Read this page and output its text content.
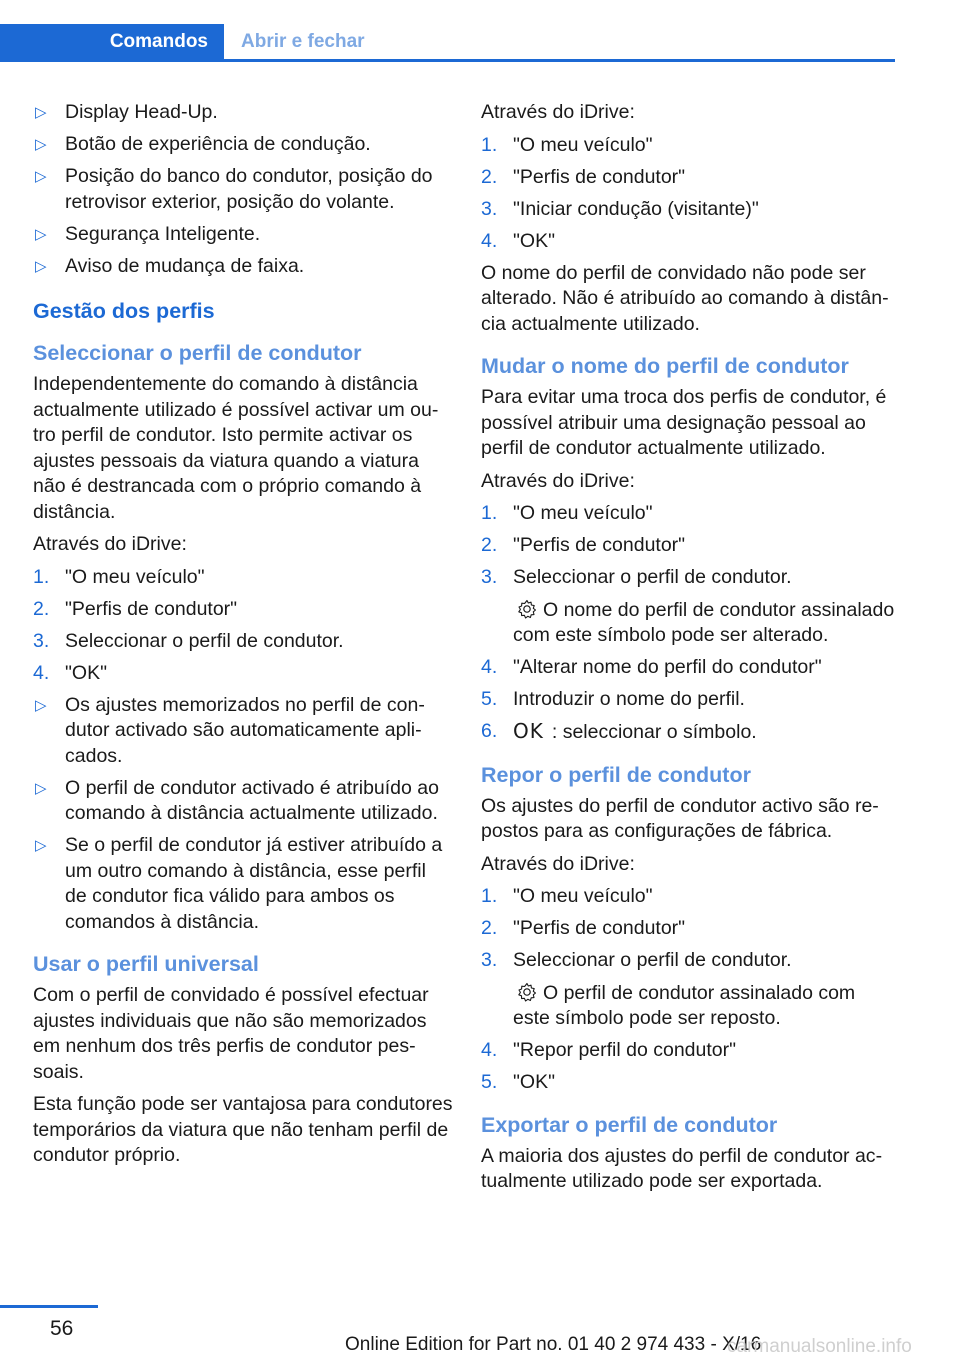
Comandos	Abrir e fechar
▷ Display Head-Up.
▷ Botão de experiência de condução.
▷ Posição do banco do condutor, posição do retrovisor exterior, posição do volante.
▷ Segurança Inteligente.
▷ Aviso de mudança de faixa.
Gestão dos perfis
Seleccionar o perfil de condutor

Independentemente do comando à distância actualmente utilizado é possível activar um outro perfil de condutor. Isto permite activar os ajustes pessoais da viatura quando a viatura não é destrancada com o próprio comando à distância.

Através do iDrive:

1. "O meu veículo"
2. "Perfis de condutor"
3. Seleccionar o perfil de condutor.
4. "OK"
▷ Os ajustes memorizados no perfil de condutor activado são automaticamente aplicados.
▷ O perfil de condutor activado é atribuído ao comando à distância actualmente utilizado.
▷ Se o perfil de condutor já estiver atribuído a um outro comando à distância, esse perfil de condutor fica válido para ambos os comandos à distância.
Usar o perfil universal

Com o perfil de convidado é possível efectuar ajustes individuais que não são memorizados em nenhum dos três perfis de condutor pessoais.

Esta função pode ser vantajosa para condutores temporários da viatura que não tenham perfil de condutor próprio.

Através do iDrive:

1. "O meu veículo"
2. "Perfis de condutor"
3. "Iniciar condução (visitante)"
4. "OK"

O nome do perfil de convidado não pode ser alterado. Não é atribuído ao comando à distância actualmente utilizado.

Mudar o nome do perfil de condutor

Para evitar uma troca dos perfis de condutor, é possível atribuir uma designação pessoal ao perfil de condutor actualmente utilizado.

Através do iDrive:

1. "O meu veículo"
2. "Perfis de condutor"
3. Seleccionar o perfil de condutor.
O nome do perfil de condutor assinalado com este símbolo pode ser alterado.
4. "Alterar nome do perfil do condutor"
5. Introduzir o nome do perfil.
6. OK : seleccionar o símbolo.
Repor o perfil de condutor

Os ajustes do perfil de condutor activo são repostos para as configurações de fábrica.

Através do iDrive:

1. "O meu veículo"
2. "Perfis de condutor"
3. Seleccionar o perfil de condutor.
O perfil de condutor assinalado com este símbolo pode ser reposto.
4. "Repor perfil do condutor"
5. "OK"
Exportar o perfil de condutor

A maioria dos ajustes do perfil de condutor actualmente utilizado pode ser exportada.

56
Online Edition for Part no. 01 40 2 974 433 - X/16
carmanualsonline.info
